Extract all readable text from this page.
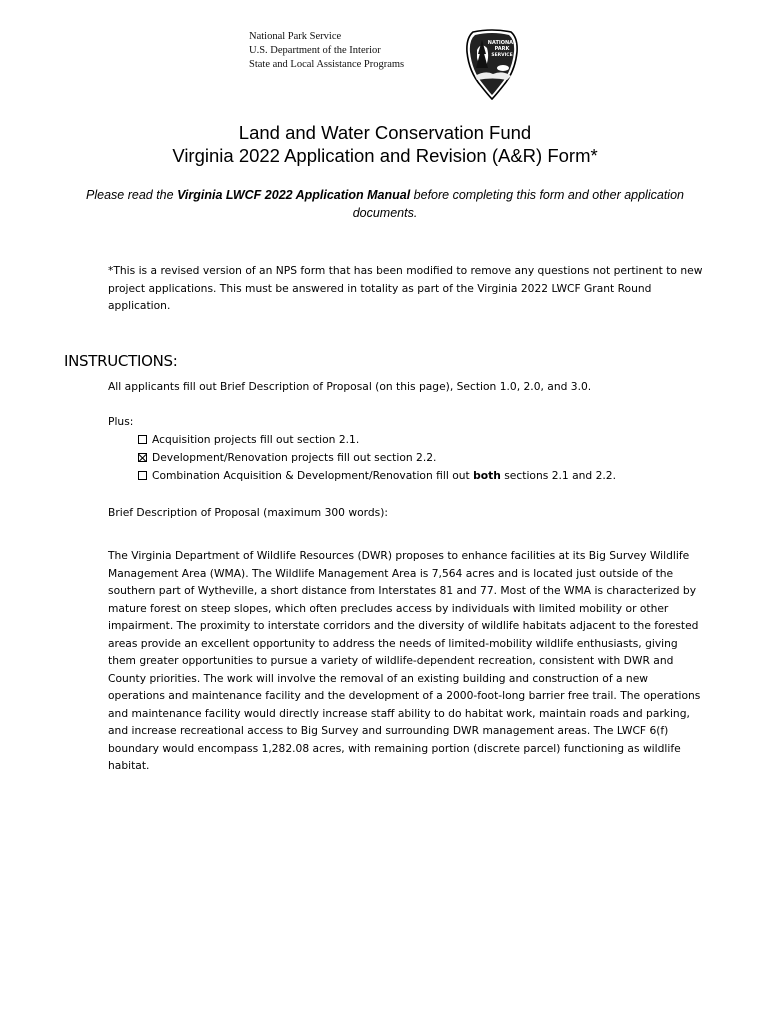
National Park Service
U.S. Department of the Interior
State and Local Assistance Programs
NATIONAL
PARK
SERVICE
Land and Water Conservation Fund
Virginia 2022 Application and Revision (A&R) Form*
Please read the Virginia LWCF 2022 Application Manual before completing this form and other application documents.
*This is a revised version of an NPS form that has been modified to remove any questions not pertinent to new project applications. This must be answered in totality as part of the Virginia 2022 LWCF Grant Round application.
INSTRUCTIONS:
All applicants fill out Brief Description of Proposal (on this page), Section 1.0, 2.0, and 3.0.
Plus:
Acquisition projects fill out section 2.1.
Development/Renovation projects fill out section 2.2.
Combination Acquisition & Development/Renovation fill out both sections 2.1 and 2.2.
Brief Description of Proposal (maximum 300 words):
The Virginia Department of Wildlife Resources (DWR) proposes to enhance facilities at its Big Survey Wildlife Management Area (WMA). The Wildlife Management Area is 7,564 acres and is located just outside of the southern part of Wytheville, a short distance from Interstates 81 and 77. Most of the WMA is characterized by mature forest on steep slopes, which often precludes access by individuals with limited mobility or other impairment. The proximity to interstate corridors and the diversity of wildlife habitats adjacent to the forested areas provide an excellent opportunity to address the needs of limited-mobility wildlife enthusiasts, giving them greater opportunities to pursue a variety of wildlife-dependent recreation, consistent with DWR and County priorities. The work will involve the removal of an existing building and construction of a new operations and maintenance facility and the development of a 2000-foot-long barrier free trail. The operations and maintenance facility would directly increase staff ability to do habitat work, maintain roads and parking, and increase recreational access to Big Survey and surrounding DWR management areas. The LWCF 6(f) boundary would encompass 1,282.08 acres, with remaining portion (discrete parcel) functioning as wildlife habitat.
